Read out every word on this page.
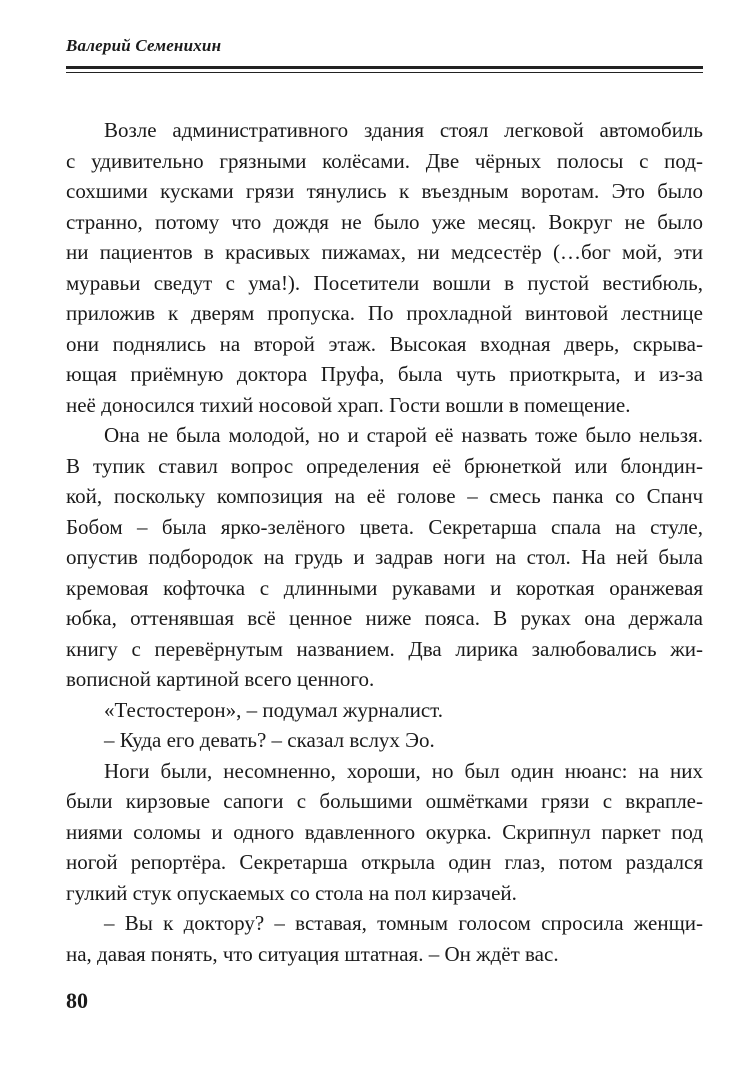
Валерий Семенихин
Возле административного здания стоял легковой автомобиль
с удивительно грязными колёсами. Две чёрных полосы с под-
сохшими кусками грязи тянулись к въездным воротам. Это было
странно, потому что дождя не было уже месяц. Вокруг не было
ни пациентов в красивых пижамах, ни медсестёр (…бог мой, эти
муравьи сведут с ума!). Посетители вошли в пустой вестибюль,
приложив к дверям пропуска. По прохладной винтовой лестнице
они поднялись на второй этаж. Высокая входная дверь, скрыва-
ющая приёмную доктора Пруфа, была чуть приоткрыта, и из-за
неё доносился тихий носовой храп. Гости вошли в помещение.
Она не была молодой, но и старой её назвать тоже было нельзя.
В тупик ставил вопрос определения её брюнеткой или блондин-
кой, поскольку композиция на её голове – смесь панка со Спанч
Бобом – была ярко-зелёного цвета. Секретарша спала на стуле,
опустив подбородок на грудь и задрав ноги на стол. На ней была
кремовая кофточка с длинными рукавами и короткая оранжевая
юбка, оттенявшая всё ценное ниже пояса. В руках она держала
книгу с перевёрнутым названием. Два лирика залюбовались жи-
вописной картиной всего ценного.
«Тестостерон», – подумал журналист.
– Куда его девать? – сказал вслух Эо.
Ноги были, несомненно, хороши, но был один нюанс: на них
были кирзовые сапоги с большими ошмётками грязи с вкрапле-
ниями соломы и одного вдавленного окурка. Скрипнул паркет под
ногой репортёра. Секретарша открыла один глаз, потом раздался
гулкий стук опускаемых со стола на пол кирзачей.
– Вы к доктору? – вставая, томным голосом спросила женщи-
на, давая понять, что ситуация штатная. – Он ждёт вас.
80
